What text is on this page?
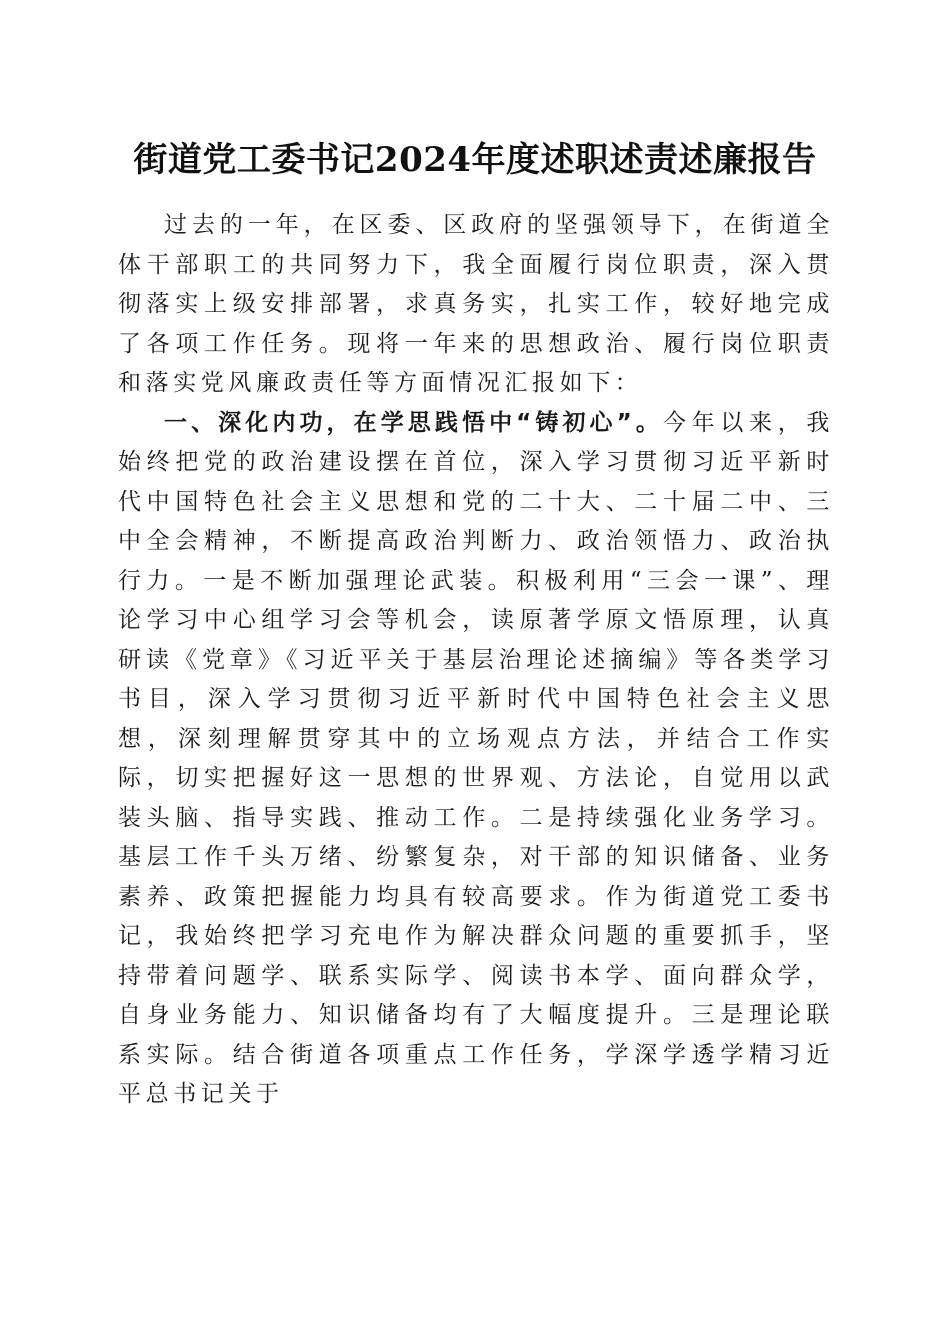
街道党工委书记2024年度述职述责述廉报告

过去的一年，在区委、区政府的坚强领导下，在街道全体干部职工的共同努力下，我全面履行岗位职责，深入贯彻落实上级安排部署，求真务实，扎实工作，较好地完成了各项工作任务。现将一年来的思想政治、履行岗位职责和落实党风廉政责任等方面情况汇报如下：

一、深化内功，在学思践悟中“铸初心”。今年以来，我始终把党的政治建设摆在首位，深入学习贯彻习近平新时代中国特色社会主义思想和党的二十大、二十届二中、三中全会精神，不断提高政治判断力、政治领悟力、政治执行力。一是不断加强理论武装。积极利用“三会一课”、理论学习中心组学习会等机会，读原著学原文悟原理，认真研读《党章》《习近平关于基层治理论述摘编》等各类学习书目，深入学习贯彻习近平新时代中国特色社会主义思想，深刻理解贯穿其中的立场观点方法，并结合工作实际，切实把握好这一思想的世界观、方法论，自觉用以武装头脑、指导实践、推动工作。二是持续强化业务学习。基层工作千头万绪、纷繁复杂，对干部的知识储备、业务素养、政策把握能力均具有较高要求。作为街道党工委书记，我始终把学习充电作为解决群众问题的重要抓手，坚持带着问题学、联系实际学、阅读书本学、面向群众学，自身业务能力、知识储备均有了大幅度提升。三是理论联系实际。结合街道各项重点工作任务，学深学透学精习近平总书记关于
